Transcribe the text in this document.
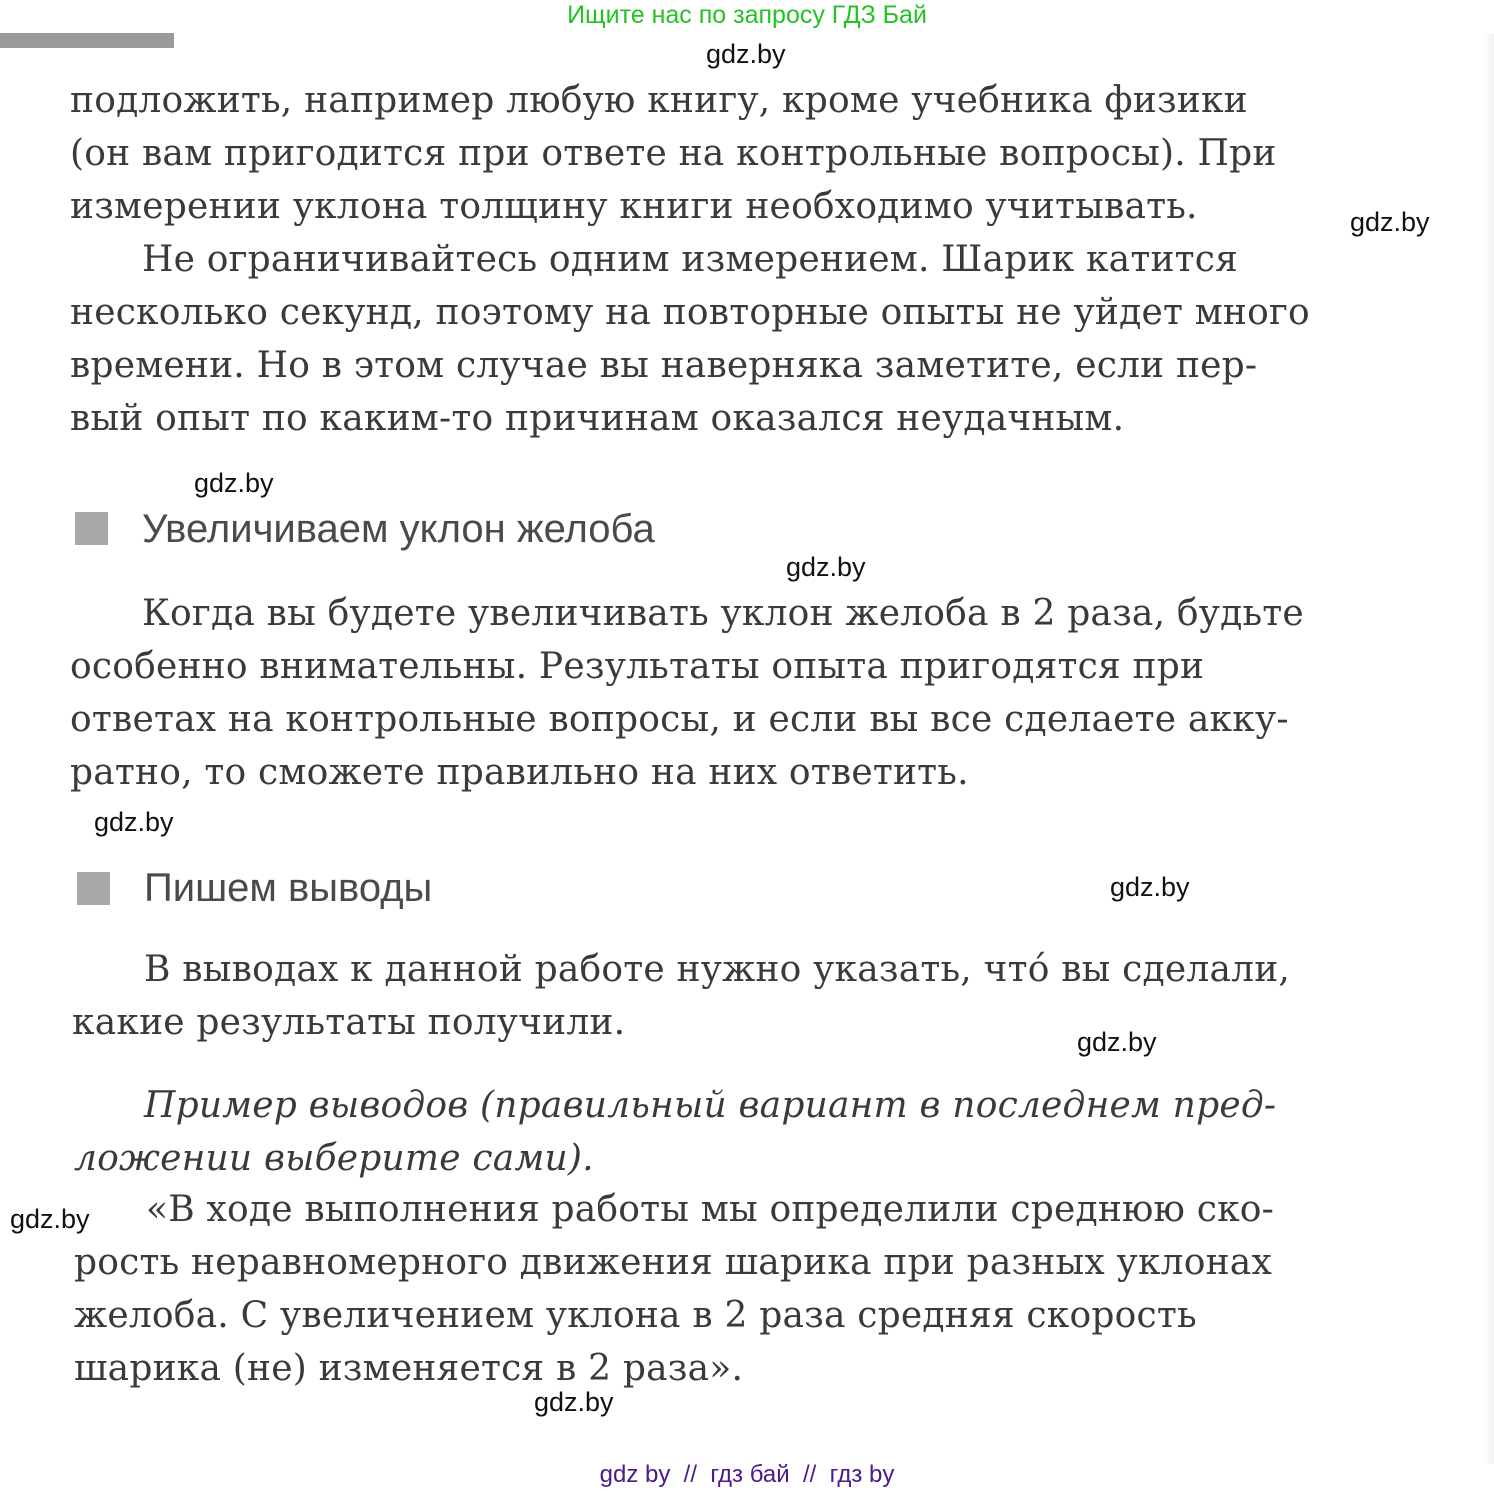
Ищите нас по запросу ГДЗ Бай
gdz.by
gdz.by
gdz.by
gdz.by
gdz.by
gdz.by
gdz.by
gdz.by
gdz.by
подложить, например любую книгу, кроме учебника физики
(он вам пригодится при ответе на контрольные вопросы). При
измерении уклона толщину книги необходимо учитывать.
Не ограничивайтесь одним измерением. Шарик катится
несколько секунд, поэтому на повторные опыты не уйдет много
времени. Но в этом случае вы наверняка заметите, если пер-
вый опыт по каким-то причинам оказался неудачным.
Увеличиваем уклон желоба
Когда вы будете увеличивать уклон желоба в 2 раза, будьте
особенно внимательны. Результаты опыта пригодятся при
ответах на контрольные вопросы, и если вы все сделаете акку-
ратно, то сможете правильно на них ответить.
Пишем выводы
В выводах к данной работе нужно указать, что́ вы сделали,
какие результаты получили.
Пример выводов (правильный вариант в последнем пред-
ложении выберите сами).
«В ходе выполнения работы мы определили среднюю ско-
рость неравномерного движения шарика при разных уклонах
желоба. С увеличением уклона в 2 раза средняя скорость
шарика (не) изменяется в 2 раза».
gdz by  //  гдз бай  //  гдз by
